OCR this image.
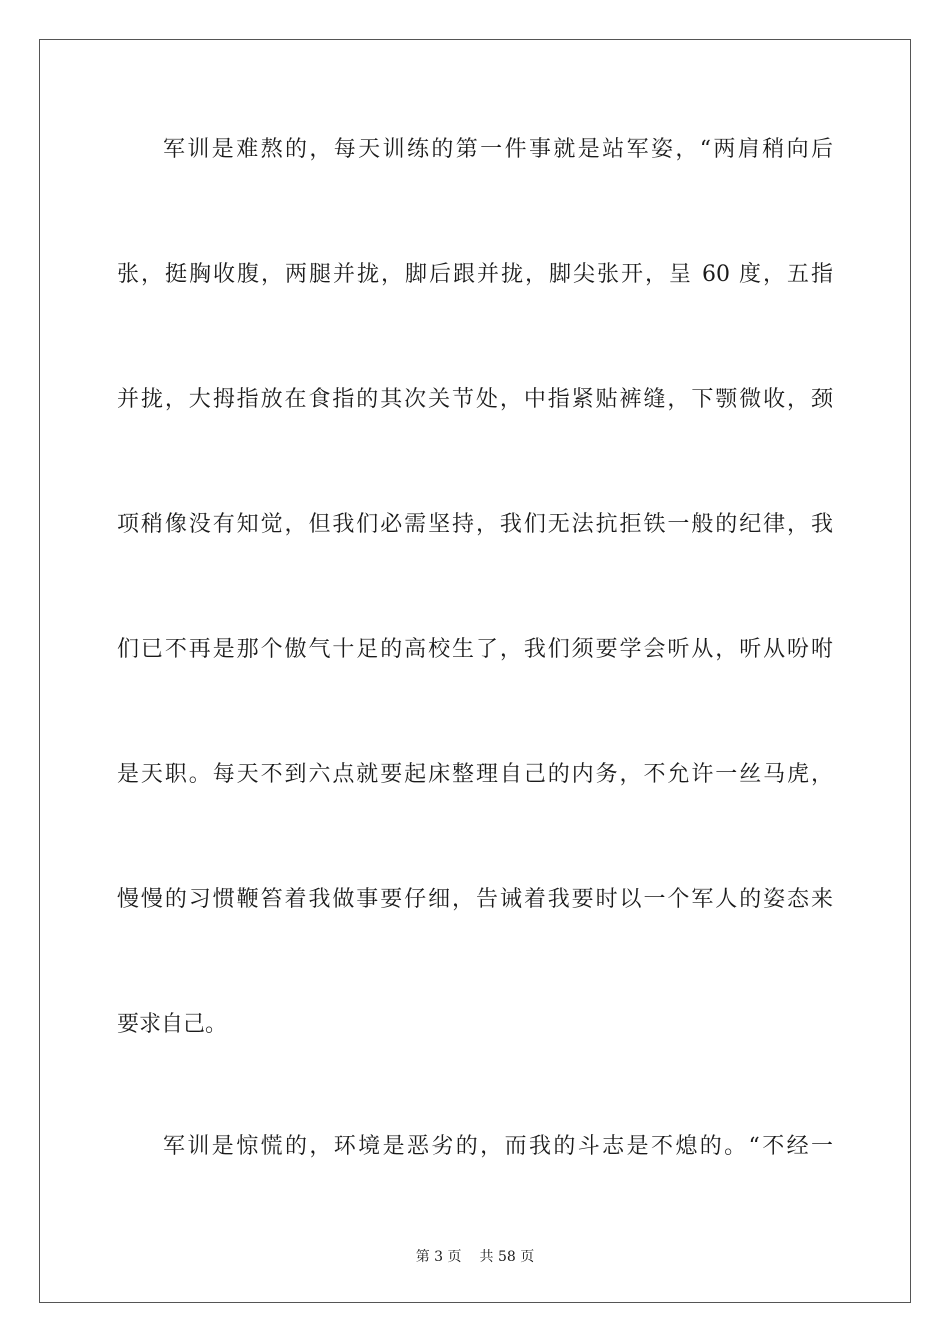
军训是难熬的，每天训练的第一件事就是站军姿，“两肩稍向后
张，挺胸收腹，两腿并拢，脚后跟并拢，脚尖张开，呈 60 度，五指
并拢，大拇指放在食指的其次关节处，中指紧贴裤缝，下颚微收，颈
项稍像没有知觉，但我们必需坚持，我们无法抗拒铁一般的纪律，我
们已不再是那个傲气十足的高校生了，我们须要学会听从，听从吩咐
是天职。每天不到六点就要起床整理自己的内务，不允许一丝马虎，
慢慢的习惯鞭笞着我做事要仔细，告诫着我要时以一个军人的姿态来
要求自己。
军训是惊慌的，环境是恶劣的，而我的斗志是不熄的。“不经一
第 3 页 共 58 页
